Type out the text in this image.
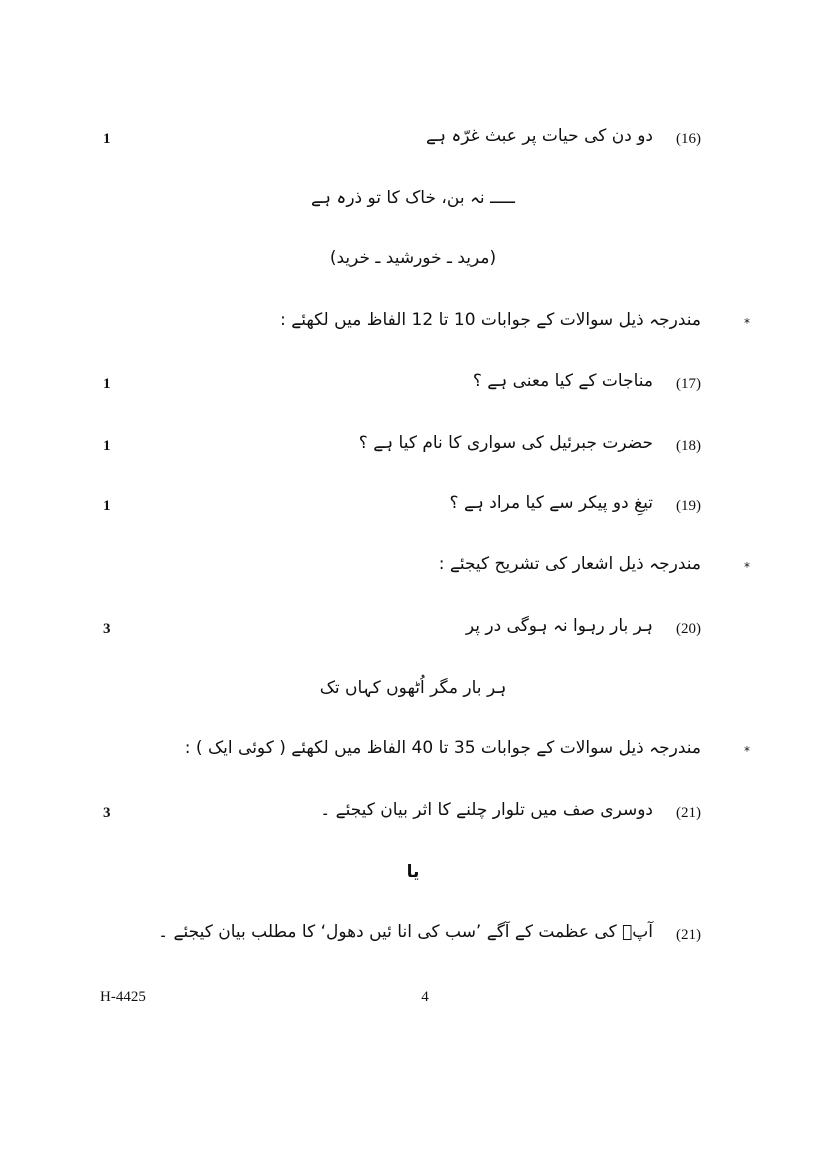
1	دو دن کی حیات پر عبث غرّہ ہے (16)
ـــــ نہ بن، خاک کا تو ذرہ ہے
(مرید ـ خورشید ـ خرید)
مندرجہ ذیل سوالات کے جوابات 10 تا 12 الفاظ میں لکھئے :	*
1	مناجات کے کیا معنی ہے ؟ (17)
1	حضرت جبرئیل کی سواری کا نام کیا ہے ؟ (18)
1	تیغِ دو پیکر سے کیا مراد ہے ؟ (19)
مندرجہ ذیل اشعار کی تشریح کیجئے :	*
3	ہر بار رہوا نہ ہوگی در پر (20)
ہر بار مگر اُٹھوں کہاں تک
مندرجہ ذیل سوالات کے جوابات 35 تا 40 الفاظ میں لکھئے ( کوئی ایک ) :	*
3	دوسری صف میں تلوار چلنے کا اثر بیان کیجئے ۔ (21)
یا
آپؐ کی عظمت کے آگے ’سب کی انا ئیں دھول‘ کا مطلب بیان کیجئے ۔ (21)
H-4425	4
